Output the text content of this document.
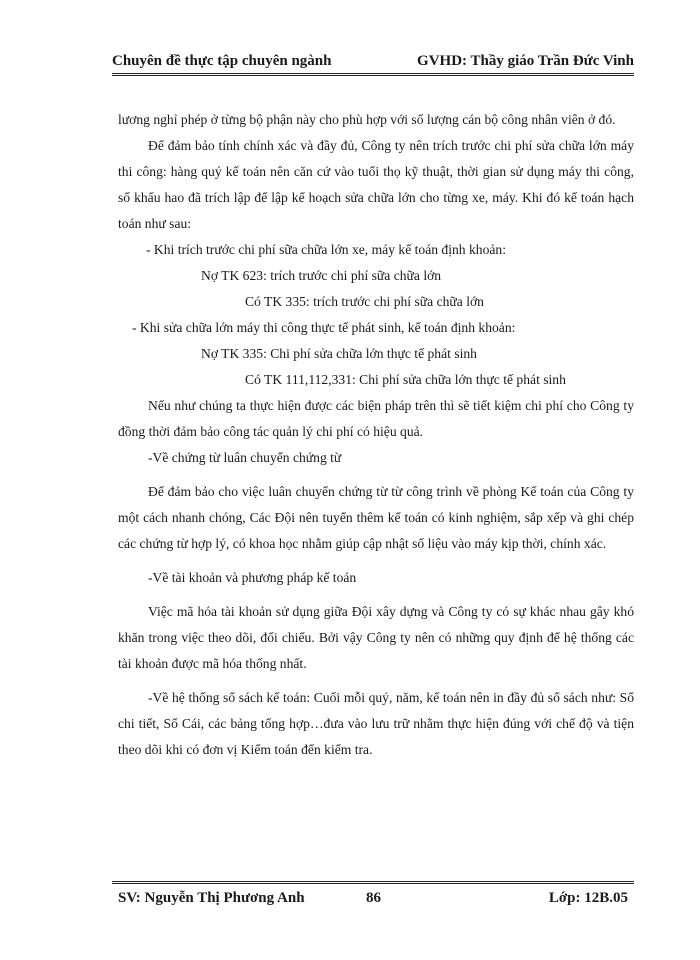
Chuyên đề thực tập chuyên ngành	GVHD: Thầy giáo Trần Đức Vinh

lương nghỉ phép ở từng bộ phận này cho phù hợp với số lượng cán bộ công nhân viên ở đó.

Để đảm bảo tính chính xác và đầy đủ, Công ty nên trích trước chi phí sửa chữa lớn máy thi công: hàng quý kế toán nên căn cứ vào tuổi thọ kỹ thuật, thời gian sử dụng máy thi công, số khấu hao đã trích lập để lập kế hoạch sửa chữa lớn cho từng xe, máy. Khi đó kế toán hạch toán như sau:

- Khi trích trước chi phí sữa chữa lớn xe, máy kế toán định khoản:

Nợ TK 623: trích trước chi phí sữa chữa lớn

Có TK 335: trích trước chi phí sữa chữa lớn

- Khi sửa chữa lớn máy thi công thực tế phát sinh, kế toán định khoản:

Nợ TK 335: Chi phí sửa chữa lớn thực tế phát sinh

Có TK 111,112,331: Chi phí sửa chữa lớn thực tế phát sinh

Nếu như chúng ta thực hiện được các biện pháp trên thì sẽ tiết kiệm chi phí cho Công ty đồng thời đảm bảo công tác quản lý chi phí có hiệu quả.

-Về chứng từ luân chuyển chứng từ

Để đảm bảo cho việc luân chuyển chứng từ từ công trình về phòng Kế toán của Công ty một cách nhanh chóng, Các Đội nên tuyển thêm kế toán có kinh nghiệm, sắp xếp và ghi chép các chứng từ hợp lý, có khoa học nhằm giúp cập nhật số liệu vào máy kịp thời, chính xác.

-Về tài khoản và phương pháp kế toán

Việc mã hóa tài khoản sử dụng giữa Đội xây dựng và Công ty có sự khác nhau gây khó khăn trong việc theo dõi, đối chiếu. Bởi vậy Công ty nên có những quy định để hệ thống các tài khoản được mã hóa thống nhất.

-Về hệ thống sổ sách kế toán: Cuối mỗi quý, năm, kế toán nên in đầy đủ sổ sách như: Sổ chi tiết, Sổ Cái, các bảng tổng hợp…đưa vào lưu trữ nhằm thực hiện đúng với chế độ và tiện theo dõi khi có đơn vị Kiểm toán đến kiểm tra.

SV: Nguyễn Thị Phương Anh	86	Lớp: 12B.05
